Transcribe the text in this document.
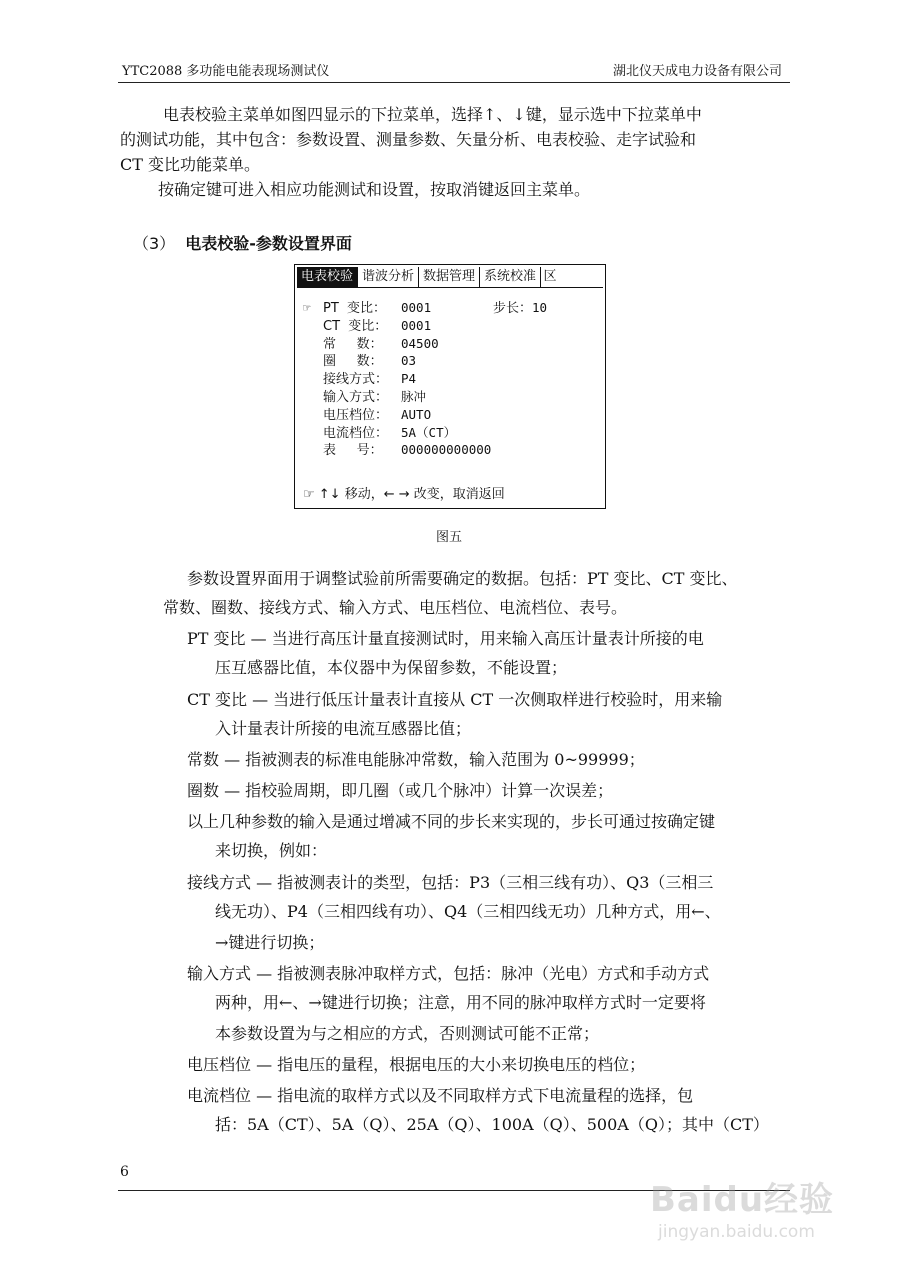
YTC2088 多功能电能表现场测试仪	湖北仪天成电力设备有限公司
电表校验主菜单如图四显示的下拉菜单，选择↑、↓键，显示选中下拉菜单中
的测试功能，其中包含：参数设置、测量参数、矢量分析、电表校验、走字试验和
CT 变比功能菜单。
按确定键可进入相应功能测试和设置，按取消键返回主菜单。
（3） 电表校验-参数设置界面
电表校验 谐波分析 数据管理 系统校准 区
☞ PT  变比： 0001
CT  变比： 0001
常     数： 04500
圈     数： 03
接线方式： P4
输入方式： 脉冲
电压档位： AUTO
电流档位： 5A（CT）
表     号： 000000000000
步长：10
☞ ↑↓ 移动，← → 改变，取消返回
图五
参数设置界面用于调整试验前所需要确定的数据。包括：PT 变比、CT 变比、
常数、圈数、接线方式、输入方式、电压档位、电流档位、表号。
PT 变比 — 当进行高压计量直接测试时，用来输入高压计量表计所接的电
压互感器比值，本仪器中为保留参数，不能设置；
CT 变比 — 当进行低压计量表计直接从 CT 一次侧取样进行校验时，用来输
入计量表计所接的电流互感器比值；
常数 — 指被测表的标准电能脉冲常数，输入范围为 0~99999；
圈数 — 指校验周期，即几圈（或几个脉冲）计算一次误差；
以上几种参数的输入是通过增减不同的步长来实现的，步长可通过按确定键
来切换，例如：
接线方式 — 指被测表计的类型，包括：P3（三相三线有功）、Q3（三相三
线无功）、P4（三相四线有功）、Q4（三相四线无功）几种方式，用←、
→键进行切换；
输入方式 — 指被测表脉冲取样方式，包括：脉冲（光电）方式和手动方式
两种，用←、→键进行切换；注意，用不同的脉冲取样方式时一定要将
本参数设置为与之相应的方式，否则测试可能不正常；
电压档位 — 指电压的量程，根据电压的大小来切换电压的档位；
电流档位 — 指电流的取样方式以及不同取样方式下电流量程的选择，包
括：5A（CT）、5A（Q）、25A（Q）、100A（Q）、500A（Q）；其中（CT）
6
Baidu经验
jingyan.baidu.com
